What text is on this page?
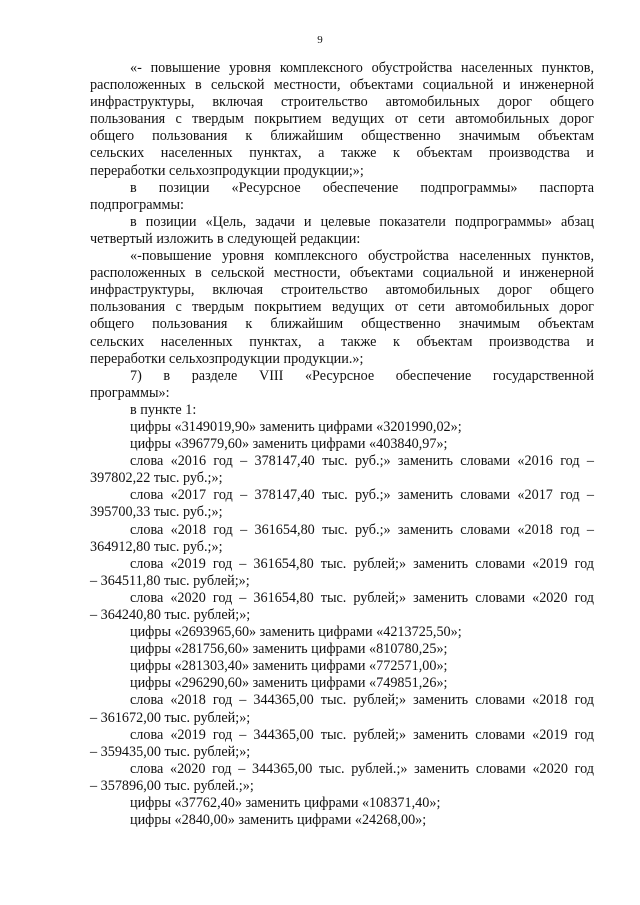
9
«- повышение уровня комплексного обустройства населенных пунктов,
расположенных в сельской местности, объектами социальной и инженерной
инфраструктуры, включая строительство автомобильных дорог общего
пользования с твердым покрытием ведущих от сети автомобильных дорог
общего пользования к ближайшим общественно значимым объектам
сельских населенных пунктах, а также к объектам производства и
переработки сельхозпродукции продукции;»;
в позиции «Ресурсное обеспечение подпрограммы» паспорта
подпрограммы:
в позиции «Цель, задачи и целевые показатели подпрограммы» абзац
четвертый изложить в следующей редакции:
«-повышение уровня комплексного обустройства населенных пунктов,
расположенных в сельской местности, объектами социальной и инженерной
инфраструктуры, включая строительство автомобильных дорог общего
пользования с твердым покрытием ведущих от сети автомобильных дорог
общего пользования к ближайшим общественно значимым объектам
сельских населенных пунктах, а также к объектам производства и
переработки сельхозпродукции продукции.»;
7) в разделе VIII «Ресурсное обеспечение государственной
программы»:
в пункте 1:
цифры «3149019,90» заменить цифрами «3201990,02»;
цифры «396779,60» заменить цифрами «403840,97»;
слова «2016 год – 378147,40 тыс. руб.;» заменить словами «2016 год –
397802,22 тыс. руб.;»;
слова «2017 год – 378147,40 тыс. руб.;» заменить словами «2017 год –
395700,33 тыс. руб.;»;
слова «2018 год – 361654,80 тыс. руб.;» заменить словами «2018 год –
364912,80 тыс. руб.;»;
слова «2019 год – 361654,80 тыс. рублей;» заменить словами «2019 год
– 364511,80 тыс. рублей;»;
слова «2020 год – 361654,80 тыс. рублей;» заменить словами «2020 год
– 364240,80 тыс. рублей;»;
цифры «2693965,60» заменить цифрами «4213725,50»;
цифры «281756,60» заменить цифрами «810780,25»;
цифры «281303,40» заменить цифрами «772571,00»;
цифры «296290,60» заменить цифрами «749851,26»;
слова «2018 год – 344365,00 тыс. рублей;» заменить словами «2018 год
– 361672,00 тыс. рублей;»;
слова «2019 год – 344365,00 тыс. рублей;» заменить словами «2019 год
– 359435,00 тыс. рублей;»;
слова «2020 год – 344365,00 тыс. рублей.;» заменить словами «2020 год
– 357896,00 тыс. рублей.;»;
цифры «37762,40» заменить цифрами «108371,40»;
цифры «2840,00» заменить цифрами «24268,00»;
